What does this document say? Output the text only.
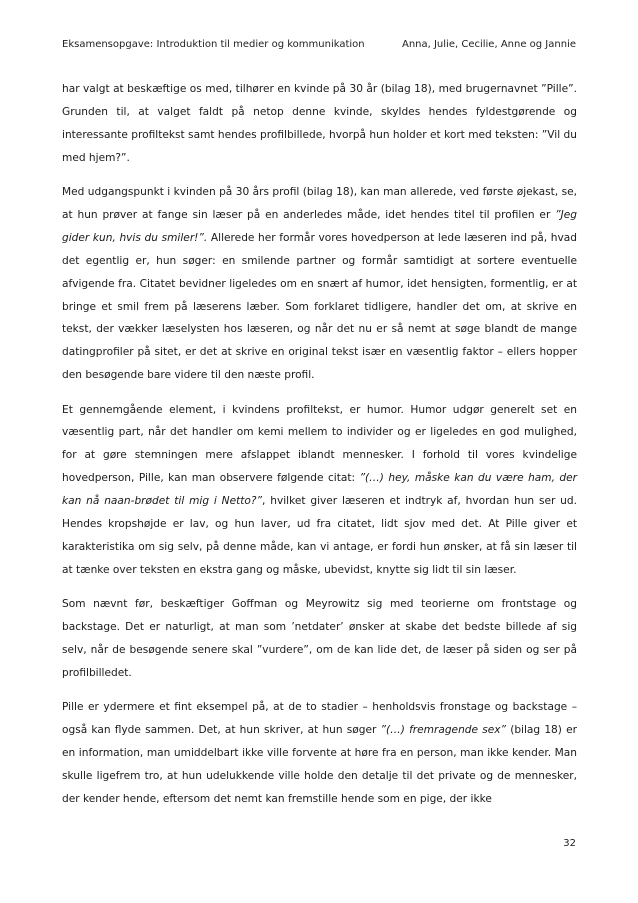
Eksamensopgave: Introduktion til medier og kommunikation	Anna, Julie, Cecilie, Anne og Jannie

har valgt at beskæftige os med, tilhører en kvinde på 30 år (bilag 18), med brugernavnet ”Pille”. Grunden til, at valget faldt på netop denne kvinde, skyldes hendes fyldestgørende og interessante profiltekst samt hendes profilbillede, hvorpå hun holder et kort med teksten: ”Vil du med hjem?”.

Med udgangspunkt i kvinden på 30 års profil (bilag 18), kan man allerede, ved første øjekast, se, at hun prøver at fange sin læser på en anderledes måde, idet hendes titel til profilen er ”Jeg gider kun, hvis du smiler!”. Allerede her formår vores hovedperson at lede læseren ind på, hvad det egentlig er, hun søger: en smilende partner og formår samtidigt at sortere eventuelle afvigende fra. Citatet bevidner ligeledes om en snært af humor, idet hensigten, formentlig, er at bringe et smil frem på læserens læber. Som forklaret tidligere, handler det om, at skrive en tekst, der vækker læselysten hos læseren, og når det nu er så nemt at søge blandt de mange datingprofiler på sitet, er det at skrive en original tekst især en væsentlig faktor – ellers hopper den besøgende bare videre til den næste profil.

Et gennemgående element, i kvindens profiltekst, er humor. Humor udgør generelt set en væsentlig part, når det handler om kemi mellem to individer og er ligeledes en god mulighed, for at gøre stemningen mere afslappet iblandt mennesker. I forhold til vores kvindelige hovedperson, Pille, kan man observere følgende citat: ”(…) hey, måske kan du være ham, der kan nå naan-brødet til mig i Netto?”, hvilket giver læseren et indtryk af, hvordan hun ser ud. Hendes kropshøjde er lav, og hun laver, ud fra citatet, lidt sjov med det. At Pille giver et karakteristika om sig selv, på denne måde, kan vi antage, er fordi hun ønsker, at få sin læser til at tænke over teksten en ekstra gang og måske, ubevidst, knytte sig lidt til sin læser.

Som nævnt før, beskæftiger Goffman og Meyrowitz sig med teorierne om frontstage og backstage. Det er naturligt, at man som ’netdater’ ønsker at skabe det bedste billede af sig selv, når de besøgende senere skal ”vurdere”, om de kan lide det, de læser på siden og ser på profilbilledet.

Pille er ydermere et fint eksempel på, at de to stadier – henholdsvis fronstage og backstage – også kan flyde sammen. Det, at hun skriver, at hun søger ”(…) fremragende sex” (bilag 18) er en information, man umiddelbart ikke ville forvente at høre fra en person, man ikke kender. Man skulle ligefrem tro, at hun udelukkende ville holde den detalje til det private og de mennesker, der kender hende, eftersom det nemt kan fremstille hende som en pige, der ikke

32
